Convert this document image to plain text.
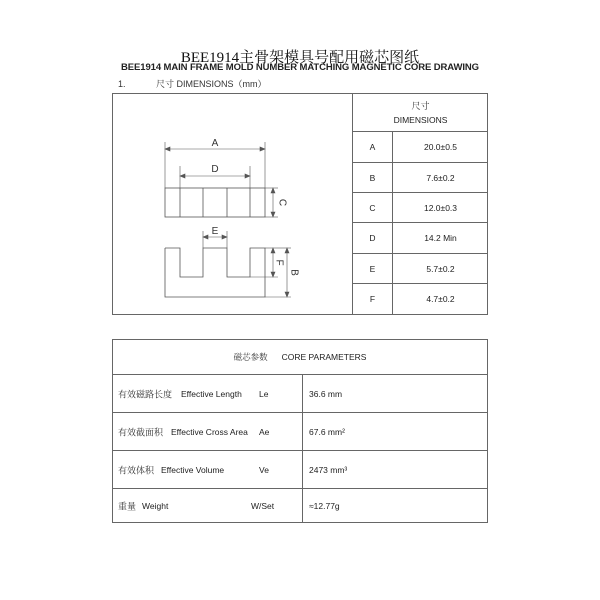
BEE1914主骨架模具号配用磁芯图纸
BEE1914 MAIN FRAME MOLD NUMBER MATCHING MAGNETIC CORE DRAWING
1.	尺寸 DIMENSIONS（mm）
A
D
E
C
F
B
尺寸
DIMENSIONS
A	20.0±0.5
B	7.6±0.2
C	12.0±0.3
D	14.2 Min
E	5.7±0.2
F	4.7±0.2
磁芯参数 CORE PARAMETERS
有效磁路长度 Effective Length Le	36.6 mm
有效截面积 Effective Cross Area Ae	67.6 mm²
有效体积 Effective Volume	Ve	2473 mm³
重量 Weight	W/Set	≈12.77g
